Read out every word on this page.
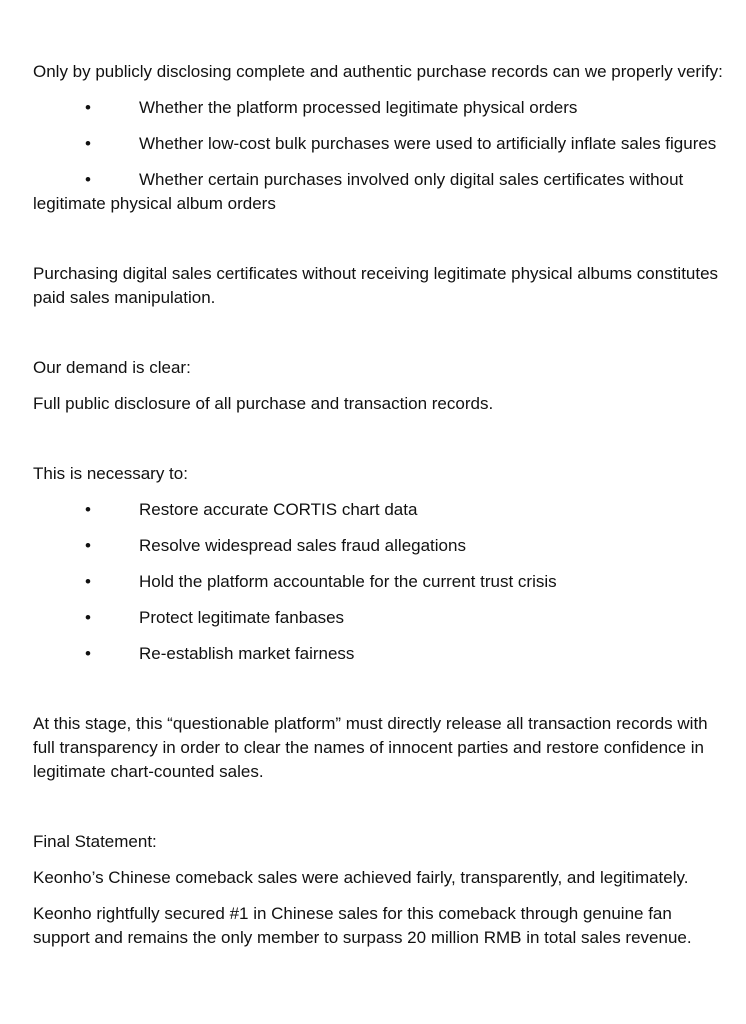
Only by publicly disclosing complete and authentic purchase records can we properly verify:

•	Whether the platform processed legitimate physical orders

•	Whether low-cost bulk purchases were used to artificially inflate sales figures

•	Whether certain purchases involved only digital sales certificates without legitimate physical album orders

Purchasing digital sales certificates without receiving legitimate physical albums constitutes paid sales manipulation.

Our demand is clear:

Full public disclosure of all purchase and transaction records.

This is necessary to:

•	Restore accurate CORTIS chart data

•	Resolve widespread sales fraud allegations

•	Hold the platform accountable for the current trust crisis

•	Protect legitimate fanbases

•	Re-establish market fairness

At this stage, this “questionable platform” must directly release all transaction records with full transparency in order to clear the names of innocent parties and restore confidence in legitimate chart-counted sales.

Final Statement:

Keonho’s Chinese comeback sales were achieved fairly, transparently, and legitimately.

Keonho rightfully secured #1 in Chinese sales for this comeback through genuine fan support and remains the only member to surpass 20 million RMB in total sales revenue.
